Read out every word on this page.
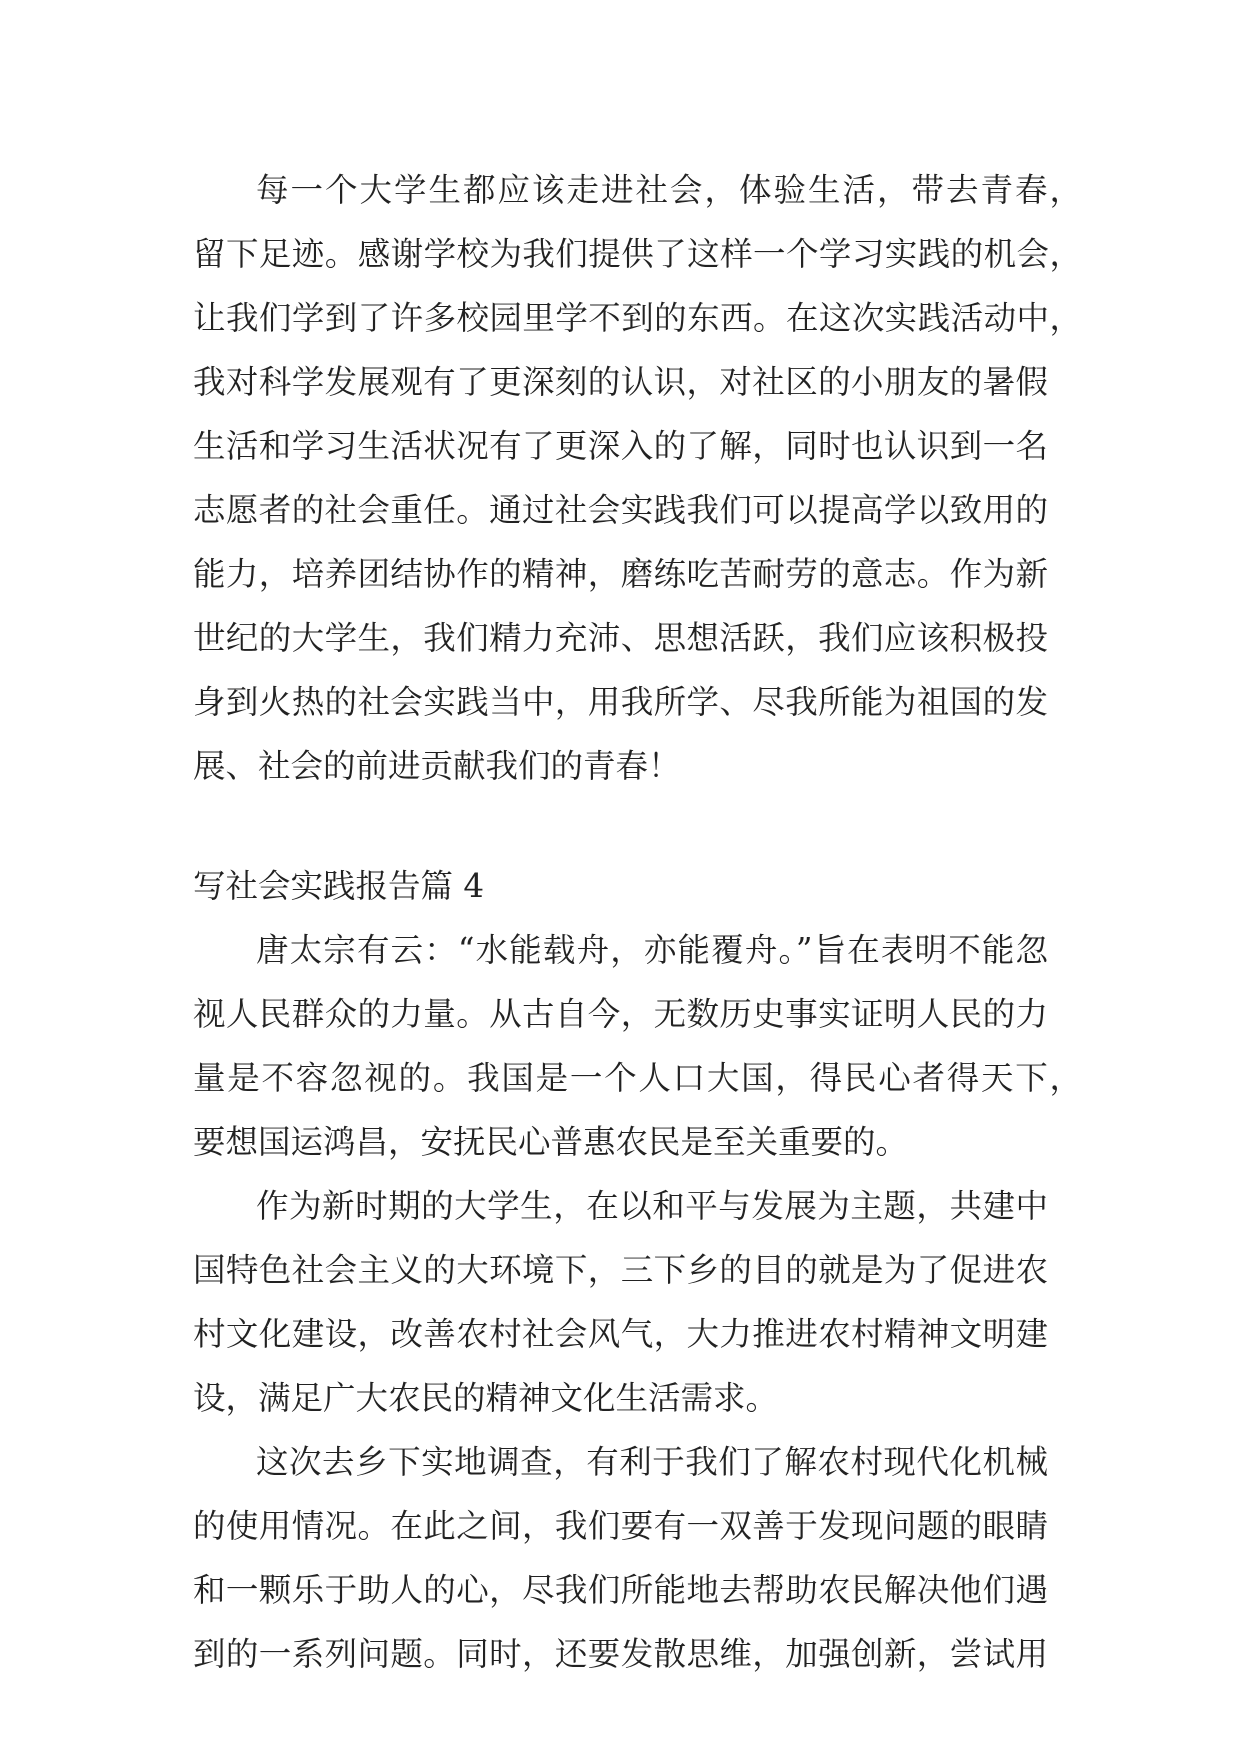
每一个大学生都应该走进社会，体验生活，带去青春，
留下足迹。感谢学校为我们提供了这样一个学习实践的机会，
让我们学到了许多校园里学不到的东西。在这次实践活动中，
我对科学发展观有了更深刻的认识，对社区的小朋友的暑假
生活和学习生活状况有了更深入的了解，同时也认识到一名
志愿者的社会重任。通过社会实践我们可以提高学以致用的
能力，培养团结协作的精神，磨练吃苦耐劳的意志。作为新
世纪的大学生，我们精力充沛、思想活跃，我们应该积极投
身到火热的社会实践当中，用我所学、尽我所能为祖国的发
展、社会的前进贡献我们的青春！
写社会实践报告篇 4
唐太宗有云：“水能载舟，亦能覆舟。”旨在表明不能忽
视人民群众的力量。从古自今，无数历史事实证明人民的力
量是不容忽视的。我国是一个人口大国，得民心者得天下，
要想国运鸿昌，安抚民心普惠农民是至关重要的。
作为新时期的大学生，在以和平与发展为主题，共建中
国特色社会主义的大环境下，三下乡的目的就是为了促进农
村文化建设，改善农村社会风气，大力推进农村精神文明建
设，满足广大农民的精神文化生活需求。
这次去乡下实地调查，有利于我们了解农村现代化机械
的使用情况。在此之间，我们要有一双善于发现问题的眼睛
和一颗乐于助人的心，尽我们所能地去帮助农民解决他们遇
到的一系列问题。同时，还要发散思维，加强创新，尝试用
